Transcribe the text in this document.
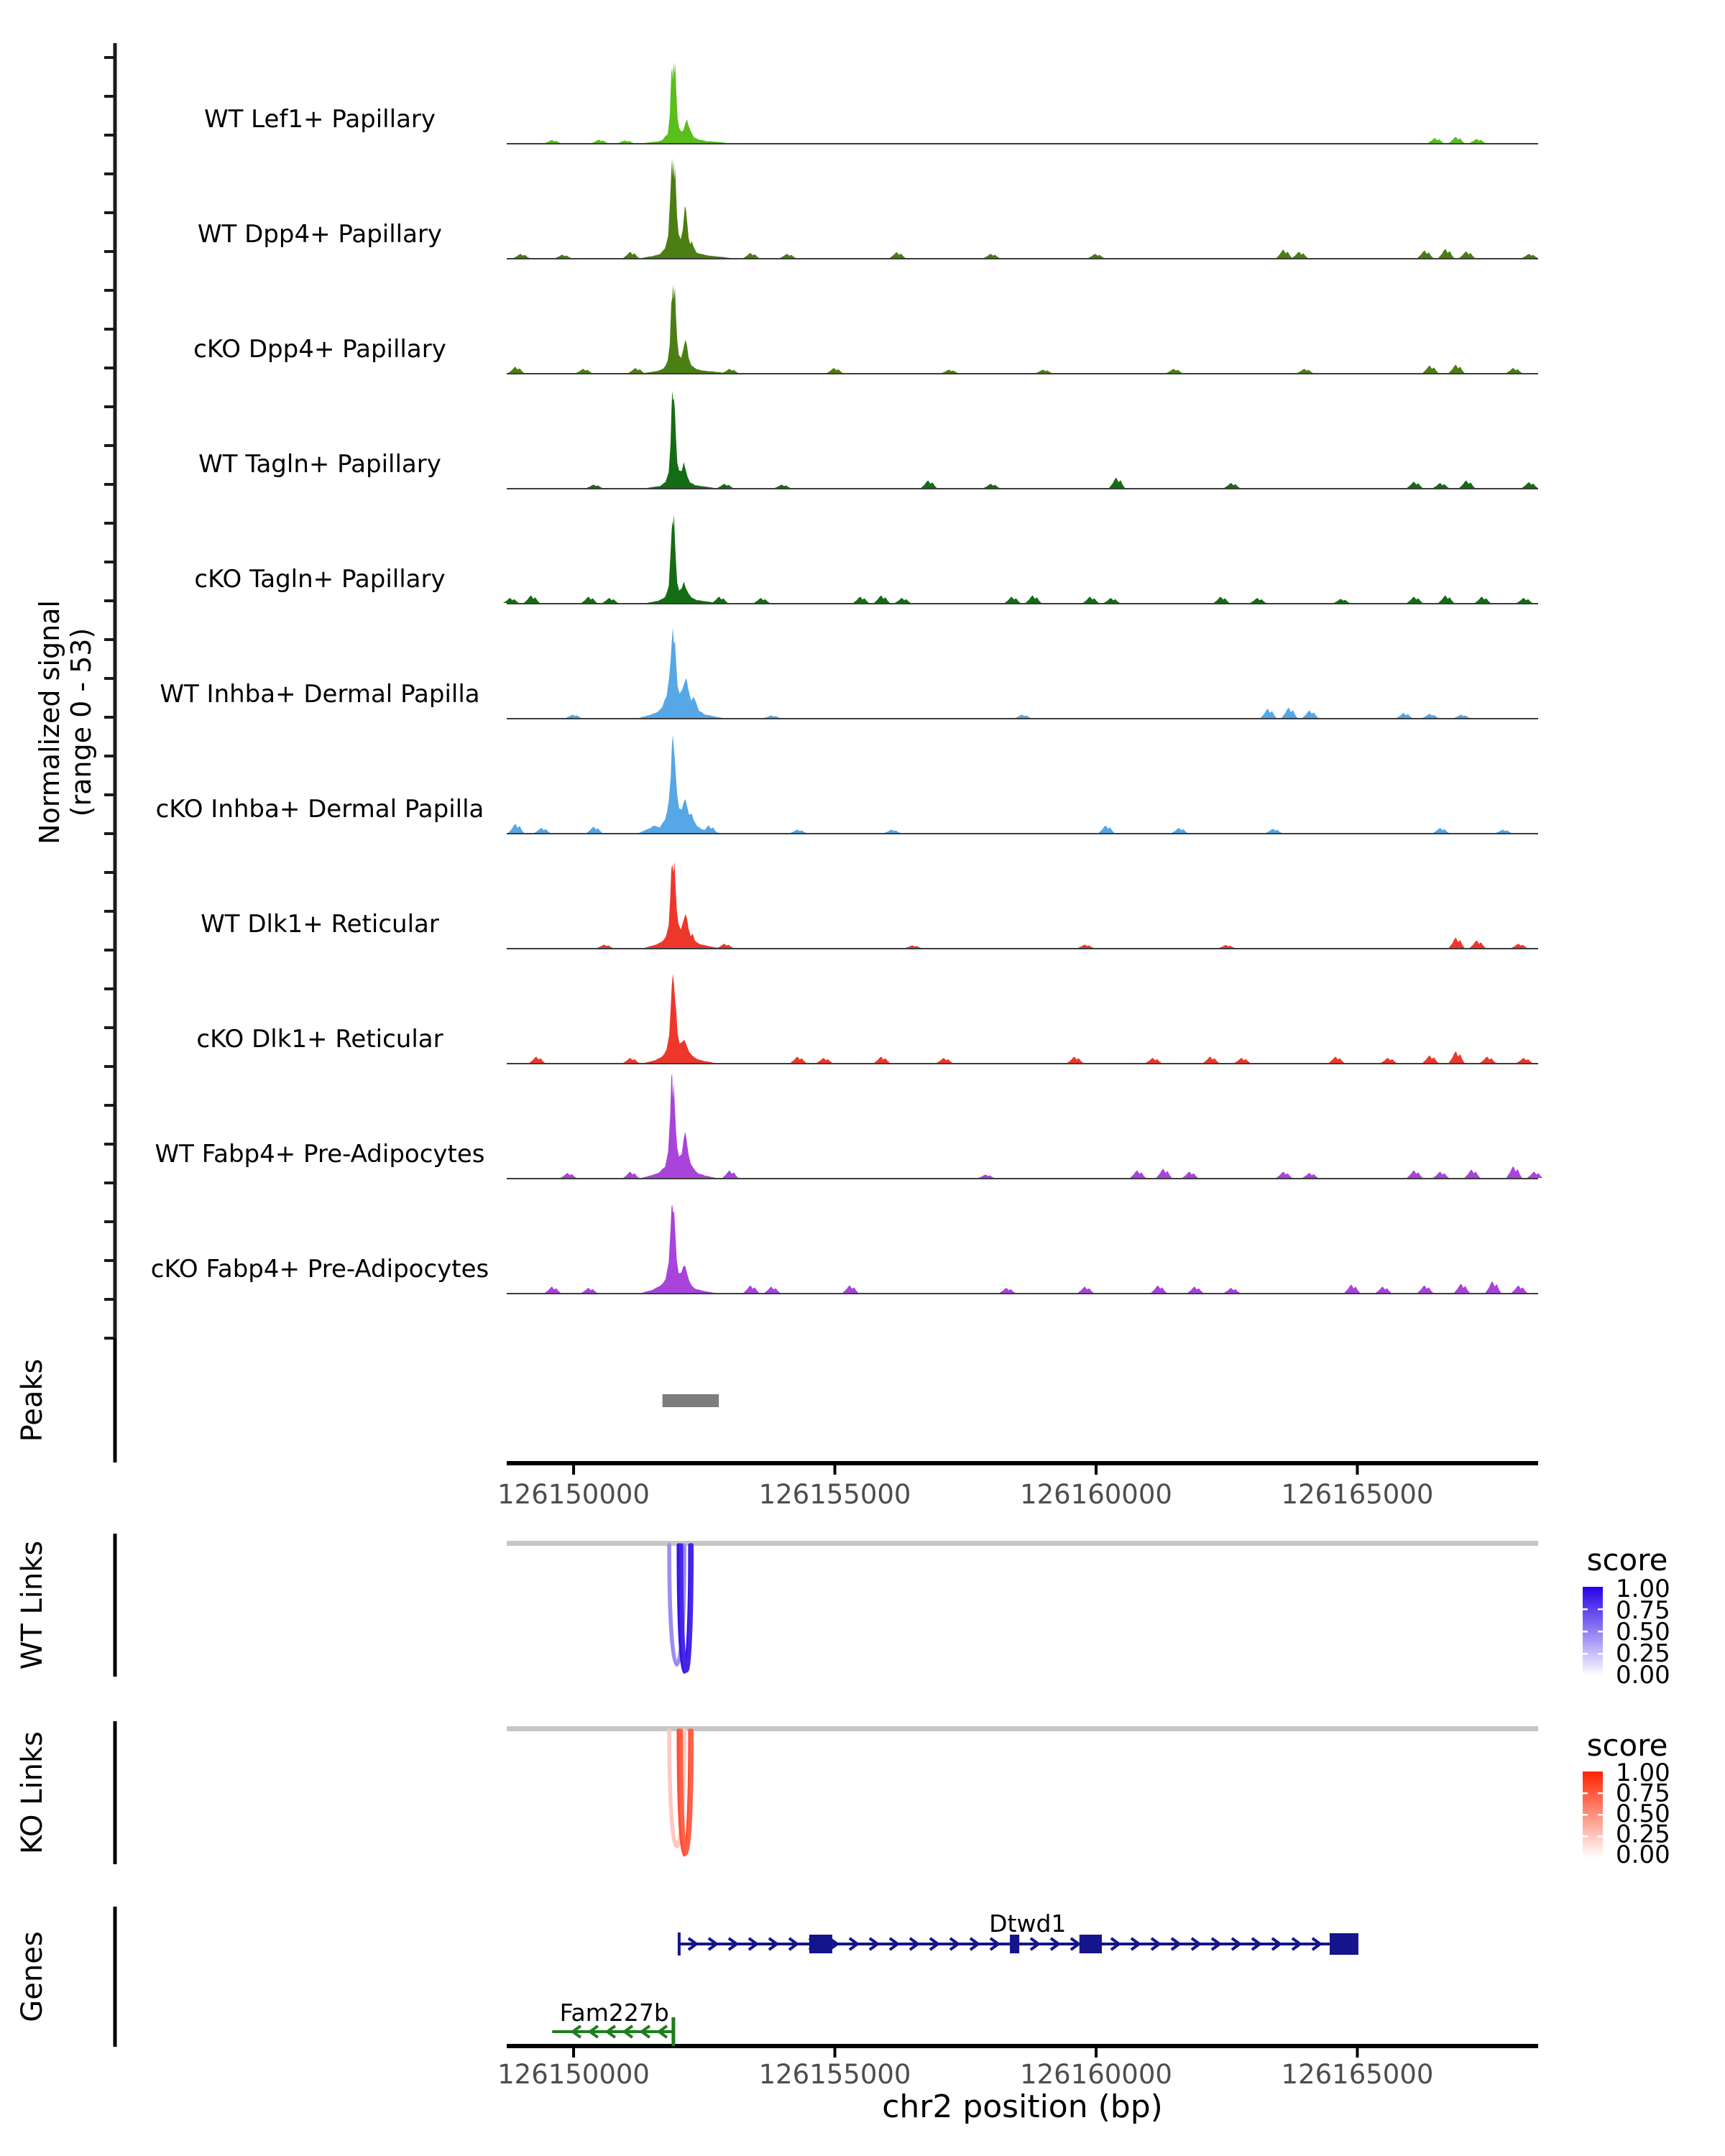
Normalized signal (range 0 - 53)
WT Lef1+ Papillary
WT Dpp4+ Papillary
cKO Dpp4+ Papillary
WT Tagln+ Papillary
cKO Tagln+ Papillary
WT Inhba+ Dermal Papilla
cKO Inhba+ Dermal Papilla
WT Dlk1+ Reticular
cKO Dlk1+ Reticular
WT Fabp4+ Pre-Adipocytes
cKO Fabp4+ Pre-Adipocytes
Peaks
WT Links
KO Links
Genes
126150000	126155000	126160000	126165000
126150000	126155000	126160000	126165000
chr2 position (bp)
score
1.00
0.75
0.50
0.25
0.00
score
1.00
0.75
0.50
0.25
0.00
Dtwd1
Fam227b
